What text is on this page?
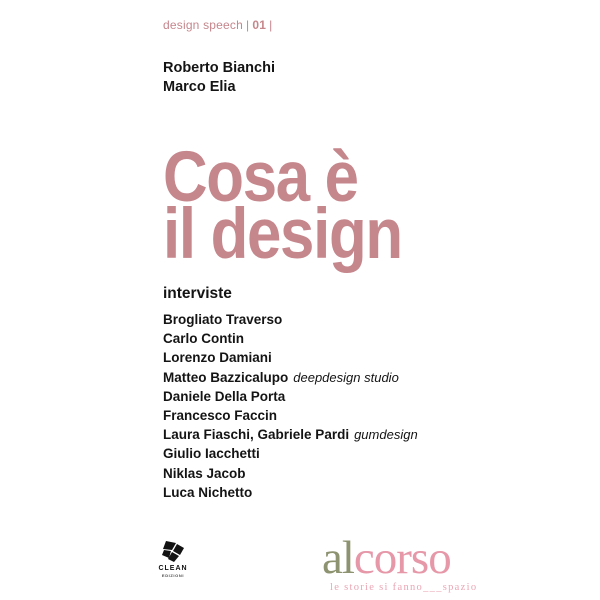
design speech | 01 |
Roberto Bianchi
Marco Elia
Cosa è
il design
interviste
Brogliato Traverso
Carlo Contin
Lorenzo Damiani
Matteo Bazzicalupo deepdesign studio
Daniele Della Porta
Francesco Faccin
Laura Fiaschi, Gabriele Pardi gumdesign
Giulio Iacchetti
Niklas Jacob
Luca Nichetto
CLEAN
EDIZIONI	alcorso
le storie si fanno___spazio
